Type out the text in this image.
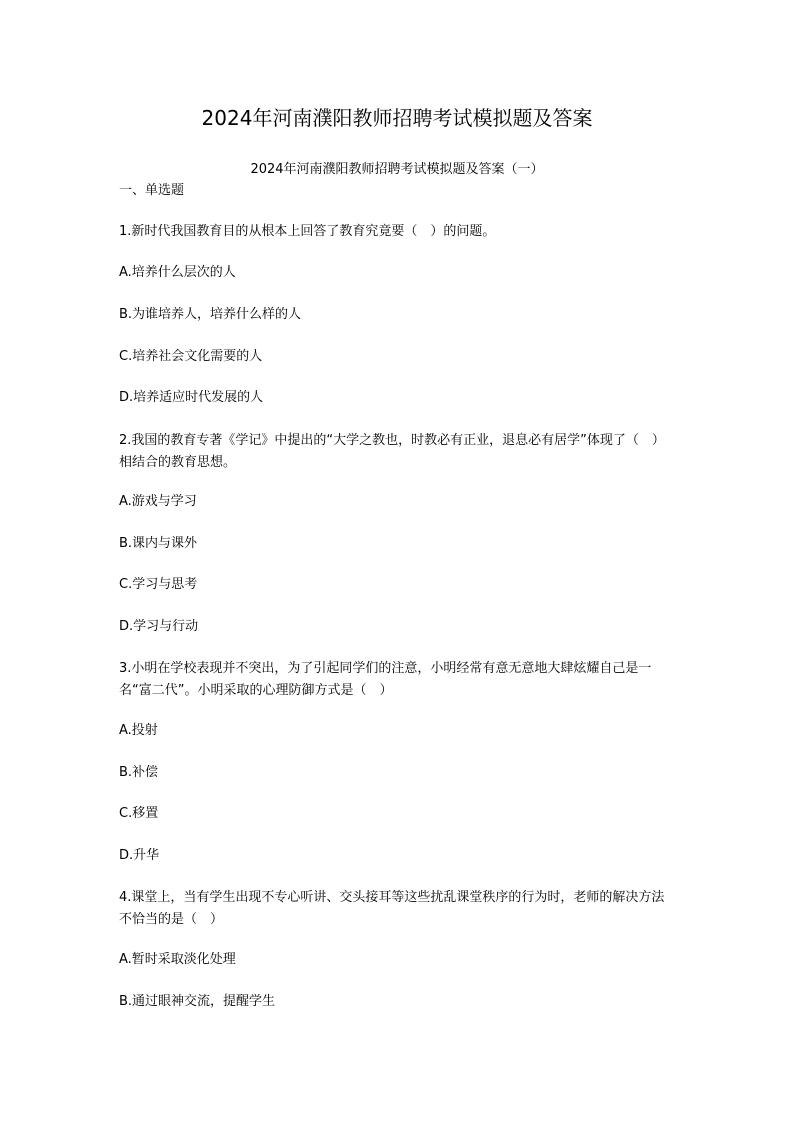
2024年河南濮阳教师招聘考试模拟题及答案
2024年河南濮阳教师招聘考试模拟题及答案（一）
一、单选题

1.新时代我国教育目的从根本上回答了教育究竟要（　）的问题。

A.培养什么层次的人

B.为谁培养人，培养什么样的人

C.培养社会文化需要的人

D.培养适应时代发展的人

2.我国的教育专著《学记》中提出的“大学之教也，时教必有正业，退息必有居学”体现了（　）相结合的教育思想。

A.游戏与学习

B.课内与课外

C.学习与思考

D.学习与行动

3.小明在学校表现并不突出，为了引起同学们的注意，小明经常有意无意地大肆炫耀自己是一名“富二代”。小明采取的心理防御方式是（　）

A.投射

B.补偿

C.移置

D.升华

4.课堂上，当有学生出现不专心听讲、交头接耳等这些扰乱课堂秩序的行为时，老师的解决方法不恰当的是（　）

A.暂时采取淡化处理

B.通过眼神交流，提醒学生
